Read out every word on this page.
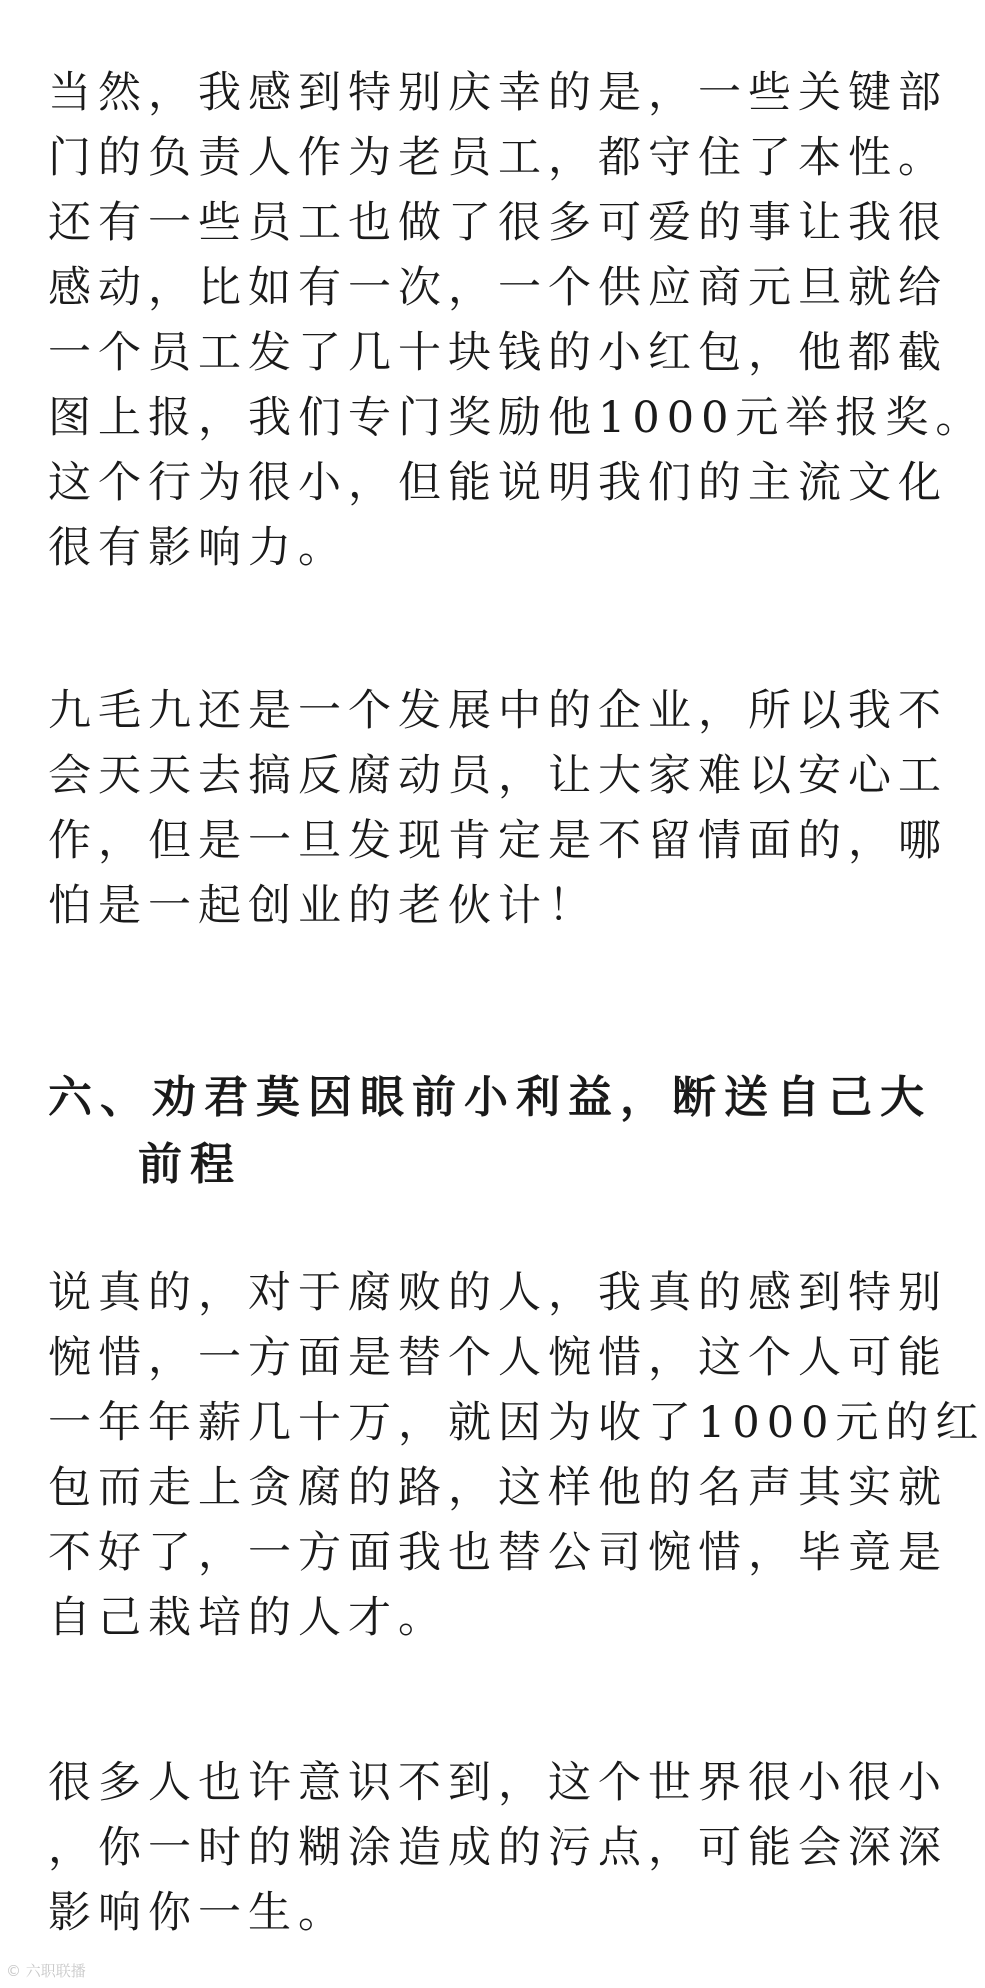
当然，我感到特别庆幸的是，一些关键部
门的负责人作为老员工，都守住了本性。
还有一些员工也做了很多可爱的事让我很
感动，比如有一次，一个供应商元旦就给
一个员工发了几十块钱的小红包，他都截
图上报，我们专门奖励他1000元举报奖。
这个行为很小，但能说明我们的主流文化
很有影响力。
九毛九还是一个发展中的企业，所以我不
会天天去搞反腐动员，让大家难以安心工
作，但是一旦发现肯定是不留情面的，哪
怕是一起创业的老伙计！
六、劝君莫因眼前小利益，断送自己大
前程
说真的，对于腐败的人，我真的感到特别
惋惜，一方面是替个人惋惜，这个人可能
一年年薪几十万，就因为收了1000元的红
包而走上贪腐的路，这样他的名声其实就
不好了，一方面我也替公司惋惜，毕竟是
自己栽培的人才。
很多人也许意识不到，这个世界很小很小
，你一时的糊涂造成的污点，可能会深深
影响你一生。
© 六职联播
